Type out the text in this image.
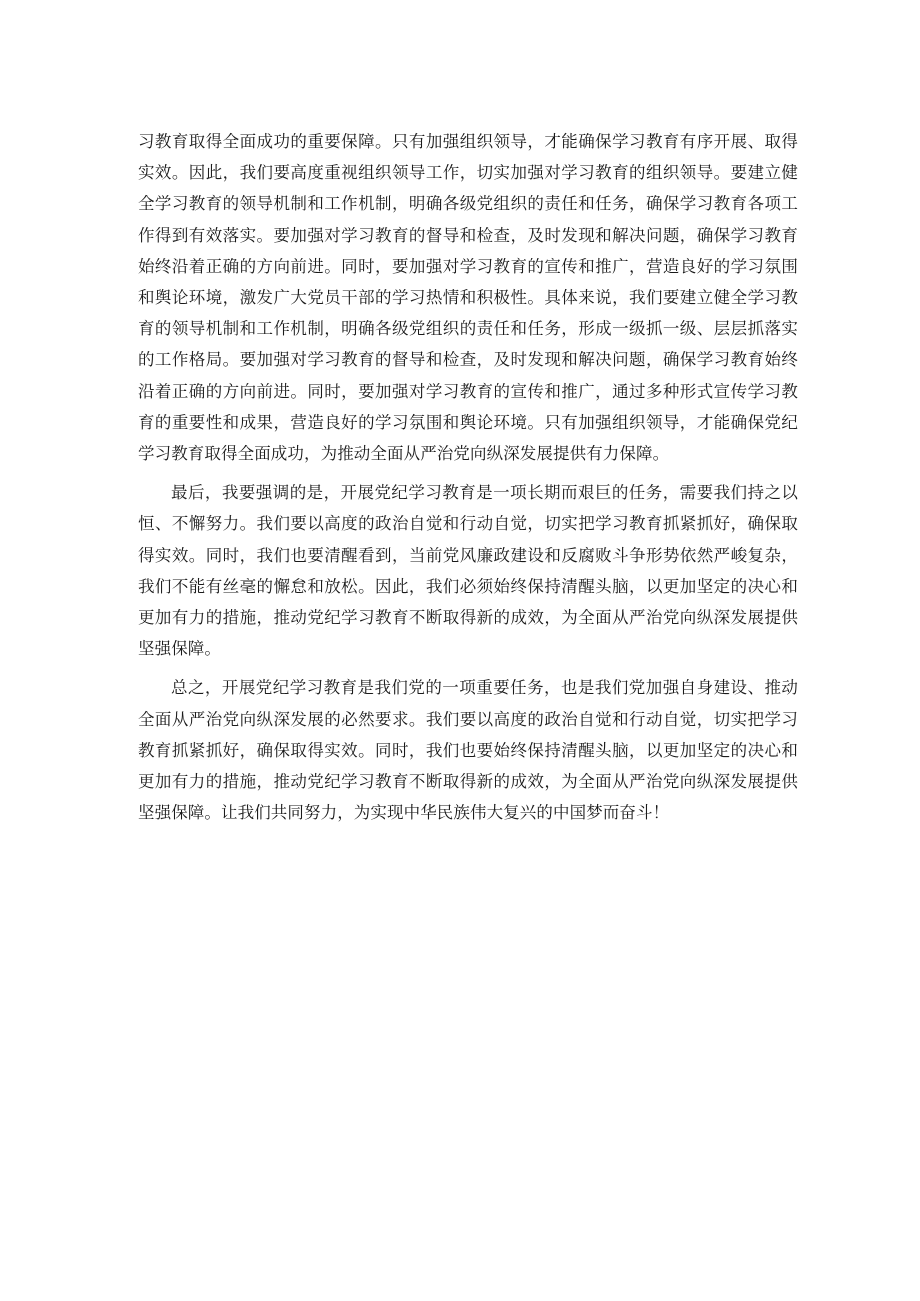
习教育取得全面成功的重要保障。只有加强组织领导，才能确保学习教育有序开展、取得实效。因此，我们要高度重视组织领导工作，切实加强对学习教育的组织领导。要建立健全学习教育的领导机制和工作机制，明确各级党组织的责任和任务，确保学习教育各项工作得到有效落实。要加强对学习教育的督导和检查，及时发现和解决问题，确保学习教育始终沿着正确的方向前进。同时，要加强对学习教育的宣传和推广，营造良好的学习氛围和舆论环境，激发广大党员干部的学习热情和积极性。具体来说，我们要建立健全学习教育的领导机制和工作机制，明确各级党组织的责任和任务，形成一级抓一级、层层抓落实的工作格局。要加强对学习教育的督导和检查，及时发现和解决问题，确保学习教育始终沿着正确的方向前进。同时，要加强对学习教育的宣传和推广，通过多种形式宣传学习教育的重要性和成果，营造良好的学习氛围和舆论环境。只有加强组织领导，才能确保党纪学习教育取得全面成功，为推动全面从严治党向纵深发展提供有力保障。

最后，我要强调的是，开展党纪学习教育是一项长期而艰巨的任务，需要我们持之以恒、不懈努力。我们要以高度的政治自觉和行动自觉，切实把学习教育抓紧抓好，确保取得实效。同时，我们也要清醒看到，当前党风廉政建设和反腐败斗争形势依然严峻复杂，我们不能有丝毫的懈怠和放松。因此，我们必须始终保持清醒头脑，以更加坚定的决心和更加有力的措施，推动党纪学习教育不断取得新的成效，为全面从严治党向纵深发展提供坚强保障。

总之，开展党纪学习教育是我们党的一项重要任务，也是我们党加强自身建设、推动全面从严治党向纵深发展的必然要求。我们要以高度的政治自觉和行动自觉，切实把学习教育抓紧抓好，确保取得实效。同时，我们也要始终保持清醒头脑，以更加坚定的决心和更加有力的措施，推动党纪学习教育不断取得新的成效，为全面从严治党向纵深发展提供坚强保障。让我们共同努力，为实现中华民族伟大复兴的中国梦而奋斗！
